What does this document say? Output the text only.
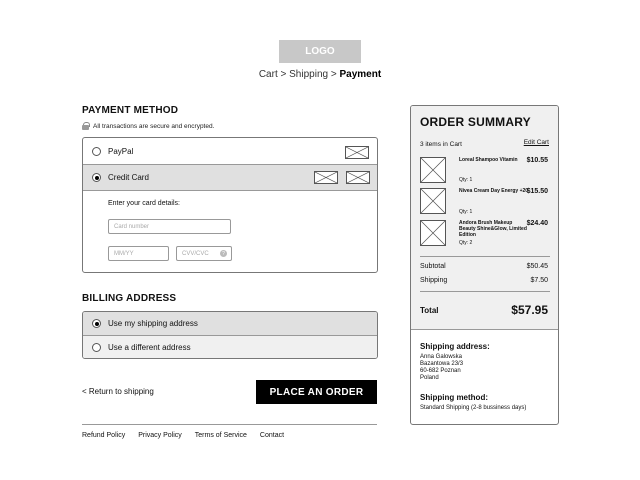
LOGO
Cart > Shipping > Payment
PAYMENT METHOD
All transactions are secure and encrypted.
PayPal
Credit Card
Enter your card details:
Card number
MM/YY	CVV/CVC	?
BILLING ADDRESS
Use my shipping address
Use a different address
< Return to shipping	PLACE AN ORDER
Refund Policy Privacy Policy Terms of Service Contact
ORDER SUMMARY
3 items in Cart	Edit Cart
Loreal Shampoo Vitamin
Qty: 1
$10.55
Nivea Cream Day Energy +20
Qty: 1
$15.50
Andora Brush Makeup
Beauty Shine&Glow, Limited
Edition
Qty: 2
$24.40
Subtotal	$50.45
Shipping	$7.50
Total	$57.95
Shipping address:
Anna Galowska
Bazantowa 23/3
60-682 Poznan
Poland
Shipping method:
Standard Shipping (2-8 bussiness days)
